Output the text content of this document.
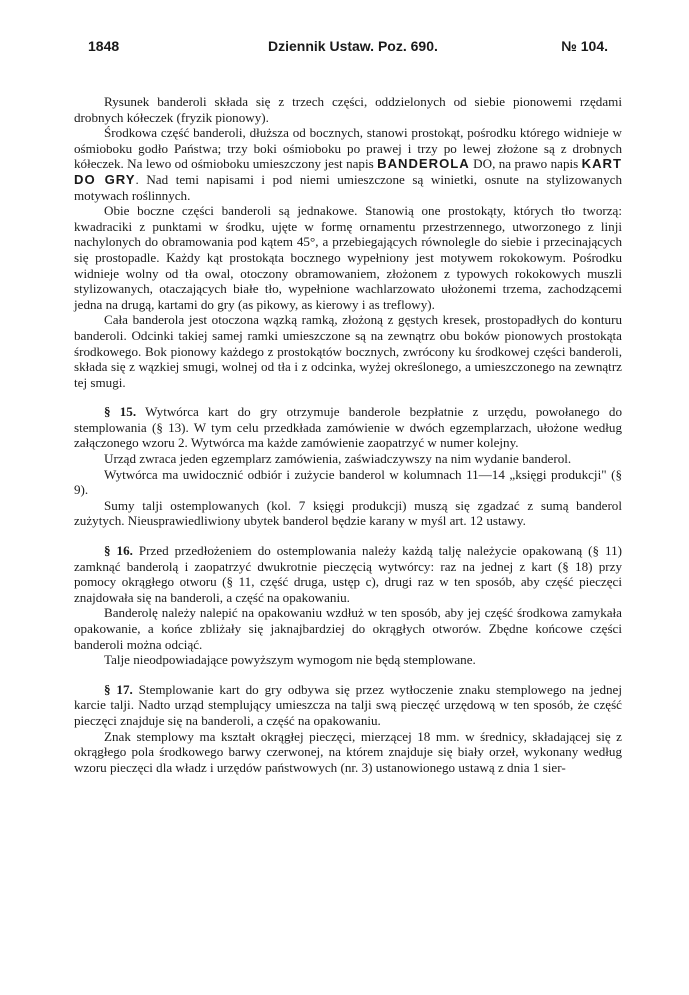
1848	Dziennik Ustaw. Poz. 690.	№ 104.

Rysunek banderoli składa się z trzech części, oddzielonych od siebie pionowemi rzędami drobnych kółeczek (fryzik pionowy).

Środkowa część banderoli, dłuższa od bocznych, stanowi prostokąt, pośrodku którego widnieje w ośmioboku godło Państwa; trzy boki ośmioboku po prawej i trzy po lewej złożone są z drobnych kółeczek. Na lewo od ośmioboku umieszczony jest napis BANDEROLA DO, na prawo napis KART DO GRY. Nad temi napisami i pod niemi umieszczone są winietki, osnute na stylizowanych motywach roślinnych.

Obie boczne części banderoli są jednakowe. Stanowią one prostokąty, których tło tworzą: kwadraciki z punktami w środku, ujęte w formę ornamentu przestrzennego, utworzonego z linji nachylonych do obramowania pod kątem 45°, a przebiegających równolegle do siebie i przecinających się prostopadle. Każdy kąt prostokąta bocznego wypełniony jest motywem rokokowym. Pośrodku widnieje wolny od tła owal, otoczony obramowaniem, złożonem z typowych rokokowych muszli stylizowanych, otaczających białe tło, wypełnione wachlarzowato ułożonemi trzema, zachodzącemi jedna na drugą, kartami do gry (as pikowy, as kierowy i as treflowy).

Cała banderola jest otoczona wązką ramką, złożoną z gęstych kresek, prostopadłych do konturu banderoli. Odcinki takiej samej ramki umieszczone są na zewnątrz obu boków pionowych prostokąta środkowego. Bok pionowy każdego z prostokątów bocznych, zwrócony ku środkowej części banderoli, składa się z wązkiej smugi, wolnej od tła i z odcinka, wyżej określonego, a umieszczonego na zewnątrz tej smugi.

§ 15. Wytwórca kart do gry otrzymuje banderole bezpłatnie z urzędu, powołanego do stemplowania (§ 13). W tym celu przedkłada zamówienie w dwóch egzemplarzach, ułożone według załączonego wzoru 2. Wytwórca ma każde zamówienie zaopatrzyć w numer kolejny.

Urząd zwraca jeden egzemplarz zamówienia, zaświadczywszy na nim wydanie banderol.

Wytwórca ma uwidocznić odbiór i zużycie banderol w kolumnach 11—14 „księgi produkcji" (§ 9).

Sumy talji ostemplowanych (kol. 7 księgi produkcji) muszą się zgadzać z sumą banderol zużytych. Nieusprawiedliwiony ubytek banderol będzie karany w myśl art. 12 ustawy.

§ 16. Przed przedłożeniem do ostemplowania należy każdą talję należycie opakowaną (§ 11) zamknąć banderolą i zaopatrzyć dwukrotnie pieczęcią wytwórcy: raz na jednej z kart (§ 18) przy pomocy okrągłego otworu (§ 11, część druga, ustęp c), drugi raz w ten sposób, aby część pieczęci znajdowała się na banderoli, a część na opakowaniu.

Banderolę należy nalepić na opakowaniu wzdłuż w ten sposób, aby jej część środkowa zamykała opakowanie, a końce zbliżały się jaknajbardziej do okrągłych otworów. Zbędne końcowe części banderoli można odciąć.

Talje nieodpowiadające powyższym wymogom nie będą stemplowane.

§ 17. Stemplowanie kart do gry odbywa się przez wytłoczenie znaku stemplowego na jednej karcie talji. Nadto urząd stemplujący umieszcza na talji swą pieczęć urzędową w ten sposób, że część pieczęci znajduje się na banderoli, a część na opakowaniu.

Znak stemplowy ma kształt okrągłej pieczęci, mierzącej 18 mm. w średnicy, składającej się z okrągłego pola środkowego barwy czerwonej, na którem znajduje się biały orzeł, wykonany według wzoru pieczęci dla władz i urzędów państwowych (nr. 3) ustanowionego ustawą z dnia 1 sier-
